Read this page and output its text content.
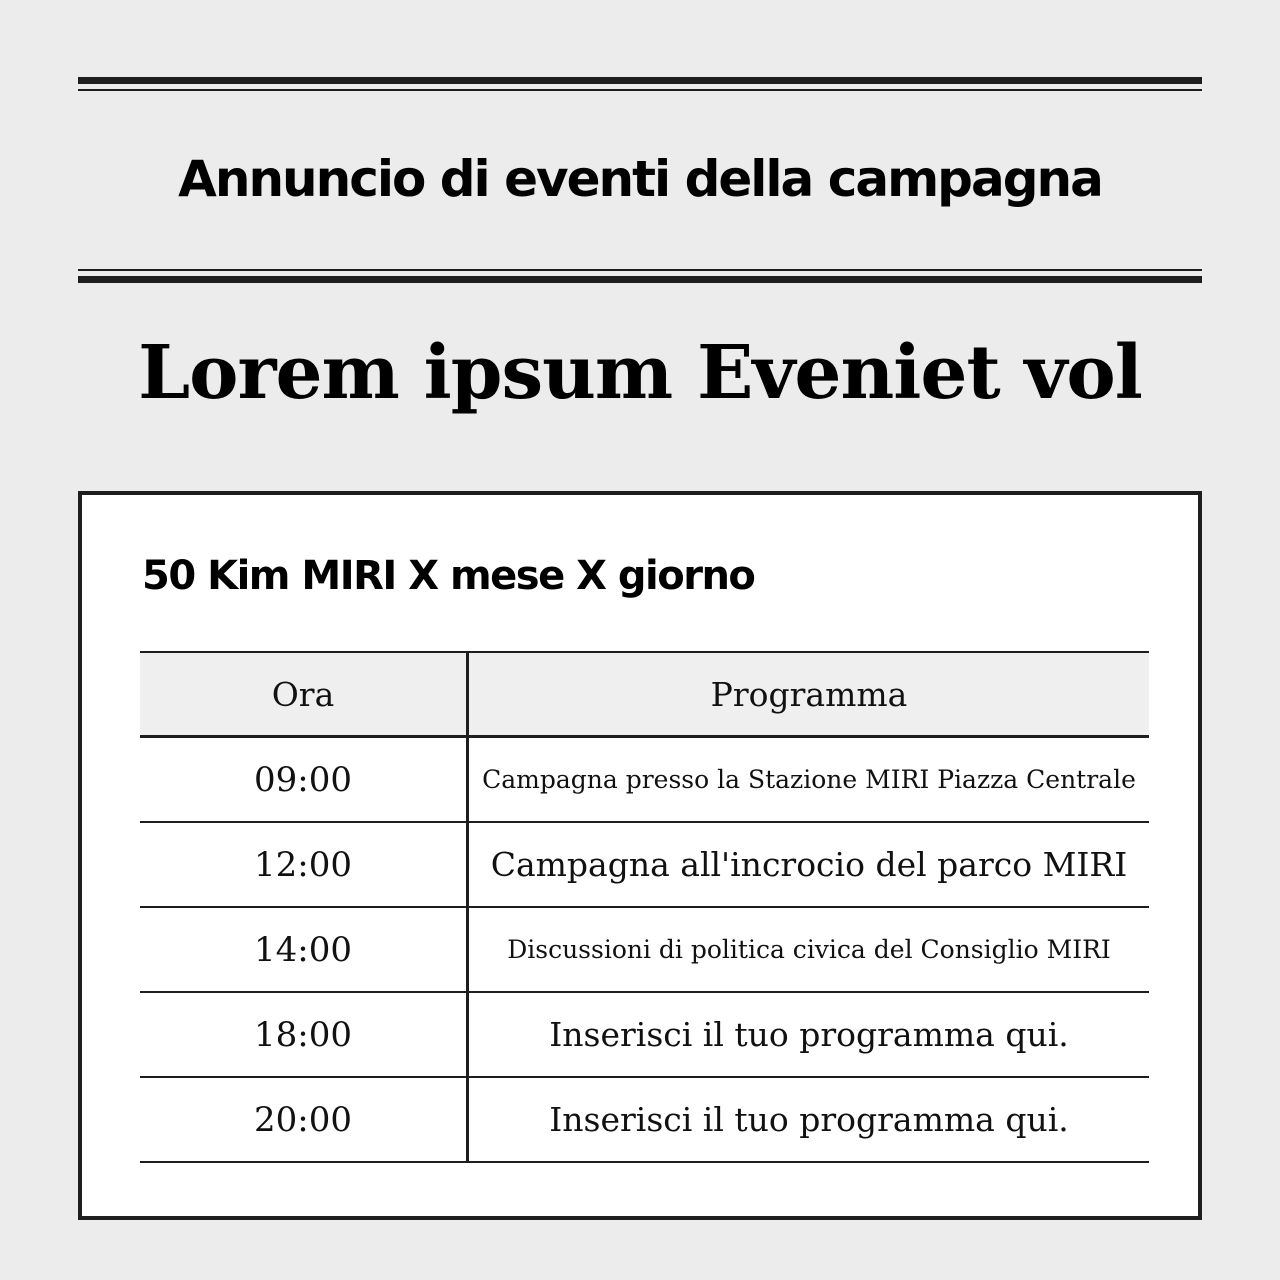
Annuncio di eventi della campagna
Lorem ipsum Eveniet vol
50 Kim MIRI X mese X giorno
Ora	Programma
09:00	Campagna presso la Stazione MIRI Piazza Centrale
12:00	Campagna all'incrocio del parco MIRI
14:00	Discussioni di politica civica del Consiglio MIRI
18:00	Inserisci il tuo programma qui.
20:00	Inserisci il tuo programma qui.
